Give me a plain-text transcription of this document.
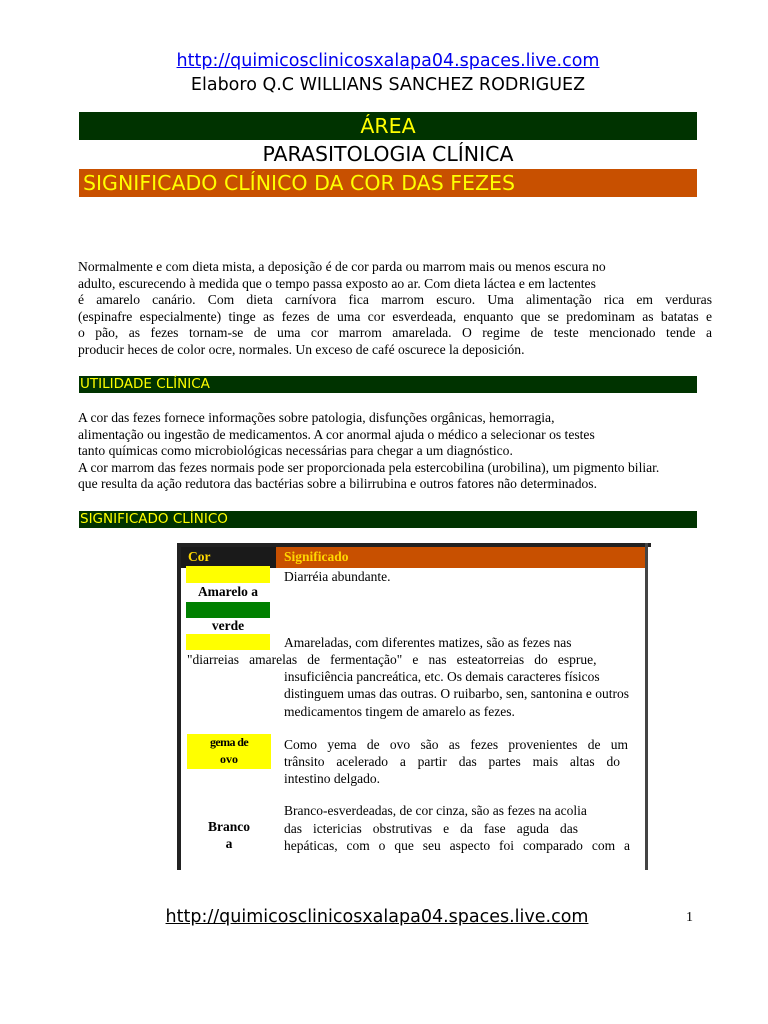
http://quimicosclinicosxalapa04.spaces.live.com
Elaboro Q.C WILLIANS SANCHEZ RODRIGUEZ
ÁREA
PARASITOLOGIA CLÍNICA
SIGNIFICADO CLÍNICO DA COR DAS FEZES

Normalmente e com dieta mista, a deposição é de cor parda ou marrom mais ou menos escura no

adulto, escurecendo à medida que o tempo passa exposto ao ar. Com dieta láctea e em lactentes

é amarelo canário. Com dieta carnívora fica marrom escuro. Uma alimentação rica em verduras

(espinafre especialmente) tinge as fezes de uma cor esverdeada, enquanto que se predominam as batatas e

o pão, as fezes tornam-se de uma cor marrom amarelada. O regime de teste mencionado tende a

producir heces de color ocre, normales. Un exceso de café oscurece la deposición.

UTILIDADE CLÍNICA

A cor das fezes fornece informações sobre patologia, disfunções orgânicas, hemorragia,

alimentação ou ingestão de medicamentos. A cor anormal ajuda o médico a selecionar os testes

tanto químicas como microbiológicas necessárias para chegar a um diagnóstico.

A cor marrom das fezes normais pode ser proporcionada pela estercobilina (urobilina), um pigmento biliar.

que resulta da ação redutora das bactérias sobre a bilirrubina e outros fatores não determinados.

SIGNIFICADO CLÍNICO
Cor	Significado
Amarelo a
verde
Diarréia abundante.
Amareladas, com diferentes matizes, são as fezes nas
"diarreias   amarelas   de   fermentação"   e   nas   esteatorreias   do   esprue,
insuficiência pancreática, etc. Os demais caracteres físicos
distinguem umas das outras. O ruibarbo, sen, santonina e outros
medicamentos tingem de amarelo as fezes.
gema de
ovo
Como yema de ovo são as fezes provenientes de um
trânsito acelerado a partir das partes mais altas do
intestino delgado.
Branco
a
Branco-esverdeadas, de cor cinza, são as fezes na acolia
das ictericias obstrutivas e da fase aguda das
hepáticas, com o que seu aspecto foi comparado com a
http://quimicosclinicosxalapa04.spaces.live.com	1
